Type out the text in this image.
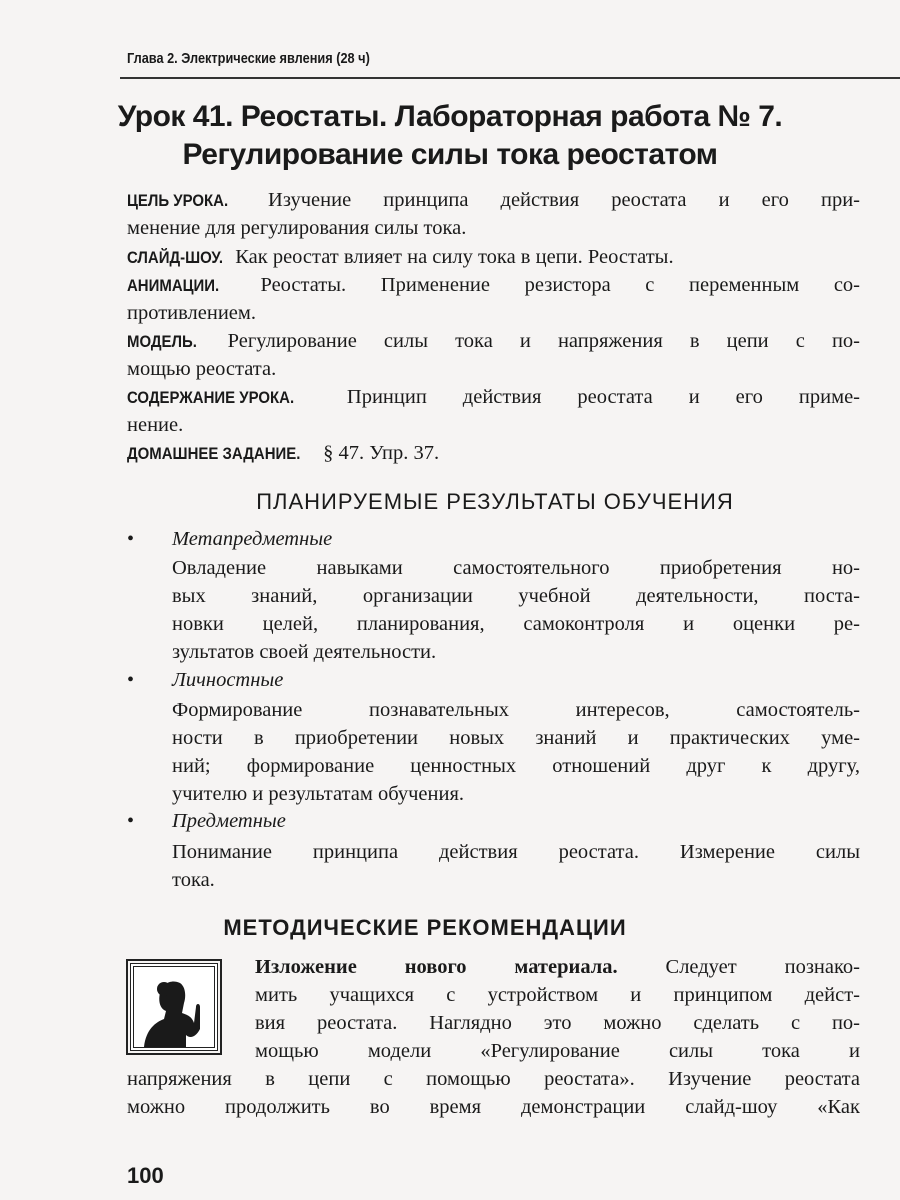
Глава 2. Электрические явления (28 ч)
Урок 41. Реостаты. Лабораторная работа № 7.
Регулирование силы тока реостатом
ЦЕЛЬ УРОКА. Изучение принципа действия реостата и его при-
менение для регулирования силы тока.
СЛАЙД-ШОУ. Как реостат влияет на силу тока в цепи. Реостаты.
АНИМАЦИИ. Реостаты. Применение резистора с переменным со-
противлением.
МОДЕЛЬ. Регулирование силы тока и напряжения в цепи с по-
мощью реостата.
СОДЕРЖАНИЕ УРОКА.	Принцип действия реостата и его приме-
нение.
ДОМАШНЕЕ ЗАДАНИЕ. § 47. Упр. 37.
ПЛАНИРУЕМЫЕ РЕЗУЛЬТАТЫ ОБУЧЕНИЯ
• Метапредметные
Овладение навыками самостоятельного приобретения но-
вых знаний, организации учебной деятельности, поста-
новки целей, планирования, самоконтроля и оценки ре-
зультатов своей деятельности.
• Личностные
Формирование познавательных интересов, самостоятель-
ности в приобретении новых знаний и практических уме-
ний; формирование ценностных отношений друг к другу,
учителю и результатам обучения.
• Предметные
Понимание принципа действия реостата. Измерение силы
тока.
МЕТОДИЧЕСКИЕ РЕКОМЕНДАЦИИ
Изложение нового материала. Следует познако-
мить учащихся с устройством и принципом дейст-
вия реостата. Наглядно это можно сделать с по-
мощью модели «Регулирование силы тока и
напряжения в цепи с помощью реостата». Изучение реостата
можно продолжить во время демонстрации слайд-шоу «Как
100
